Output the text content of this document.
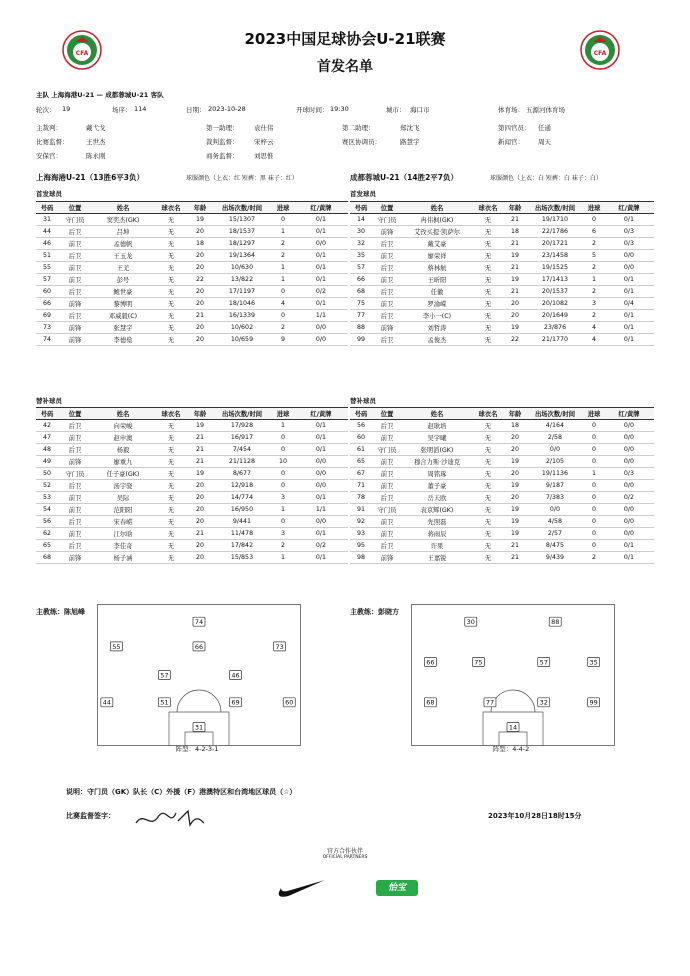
CFA	CFA
2023中国足球协会U-21联赛
首发名单
主队 上海海港U-21 — 成都蓉城U-21 客队
轮次： 19	场序： 114	日期： 2023-10-28	开球时间： 19:30	城市： 海口市	体育场： 五源河体育场
主裁判：	戴弋戈	第一助理： 袁仕伟	第二助理：	郑沈飞	第四官员： 任通
比赛监督：	王世杰	裁判监督： 宋梓云	赛区协调员：	路慧宇	新闻官： 周天
安保官：	陈永刚	商务监督： 刘思惟
上海海港U-21（13胜6平3负）	球服颜色（上衣：红 短裤：黑 袜子：红）
首发球员
号码	位置	姓名	球衣名	年龄	出场次数/时间	进球	红/黄牌
31	守门员	窦奕杰(GK)	无	19	15/1307	0	0/1
44	后卫	吕坤	无	20	18/1537	1	0/1
46	前卫	孟德帆	无	18	18/1297	2	0/0
51	后卫	王玉龙	无	20	19/1364	2	0/1
55	前卫	王羌	无	20	10/630	1	0/1
57	前卫	彭号	无	22	13/822	1	0/1
60	后卫	鲍世豪	无	20	17/1197	0	0/2
66	前锋	黎博明	无	20	18/1046	4	0/1
69	后卫	邓威毅(C)	无	21	16/1339	0	1/1
73	前锋	张慧宇	无	20	10/602	2	0/0
74	前锋	李德燊	无	20	10/659	9	0/0
替补球员
号码	位置	姓名	球衣名	年龄	出场次数/时间	进球	红/黄牌
42	后卫	向荣峻	无	19	17/928	1	0/1
47	前卫	赵申澳	无	21	16/917	0	0/1
48	后卫	杨毅	无	21	7/454	0	0/1
49	前锋	廖重九	无	21	21/1128	10	0/0
50	守门员	任子豪(GK)	无	19	8/677	0	0/0
52	后卫	汤宇骁	无	20	12/918	0	0/0
53	前卫	吴际	无	20	14/774	3	0/1
54	前卫	范阳阳	无	20	16/950	1	1/1
56	后卫	宋春崂	无	20	9/441	0	0/0
62	前卫	江尔晗	无	21	11/478	3	0/1
65	后卫	李佳奇	无	20	17/842	2	0/2
68	前锋	杨子涵	无	20	15/853	1	0/1
主教练：陈旭峰
成都蓉城U-21（14胜2平7负）	球服颜色（上衣：白 短裤：白 袜子：白）
首发球员
号码	位置	姓名	球衣名	年龄	出场次数/时间	进球	红/黄牌
14	守门员	冉伟枫(GK)	无	21	19/1710	0	0/1
30	前锋	艾孜买提·凯萨尔	无	18	22/1786	6	0/3
32	后卫	戴艾豪	无	21	20/1721	2	0/3
35	前卫	廖荣祥	无	19	23/1458	5	0/0
57	后卫	蔡林航	无	21	19/1525	2	0/0
66	前卫	王昕阳	无	19	17/1413	1	0/1
68	后卫	任徽	无	21	20/1537	2	0/1
75	前卫	罗渝嵘	无	20	20/1082	3	0/4
77	后卫	李小一(C)	无	20	20/1649	2	0/1
88	前锋	刘哲涛	无	19	23/876	4	0/1
99	后卫	孟俊杰	无	22	21/1770	4	0/1
替补球员
号码	位置	姓名	球衣名	年龄	出场次数/时间	进球	红/黄牌
56	后卫	赵耿培	无	18	4/164	0	0/0
60	前卫	吴宇曦	无	20	2/58	0	0/0
61	守门员	张明滔(GK)	无	20	0/0	0	0/0
65	前卫	穆合力斯·沙迪克	无	19	2/105	0	0/0
67	前卫	周铭琢	无	20	19/1136	1	0/3
71	前卫	董子豪	无	19	9/187	0	0/0
78	后卫	岳天欧	无	20	7/383	0	0/2
91	守门员	袁京辉(GK)	无	19	0/0	0	0/0
92	前卫	先照磊	无	19	4/58	0	0/0
93	前卫	蒋雨辰	无	19	2/57	0	0/0
95	后卫	许果	无	21	8/475	0	0/1
98	前锋	王嘉锐	无	21	9/439	2	0/1
主教练：彭晓方
74
55	66	73
57	46
44	51	69	60
31
阵型：4-2-3-1
30	88
66	75	57	35
68	77	32	99
14
阵型：4-4-2
说明：守门员（GK）队长（C）外援（F）港澳特区和台湾地区球员（☆）
比赛监督签字：	2023年10月28日18时15分
官方合作伙伴
OFFICIAL PARTNERS
怡宝
